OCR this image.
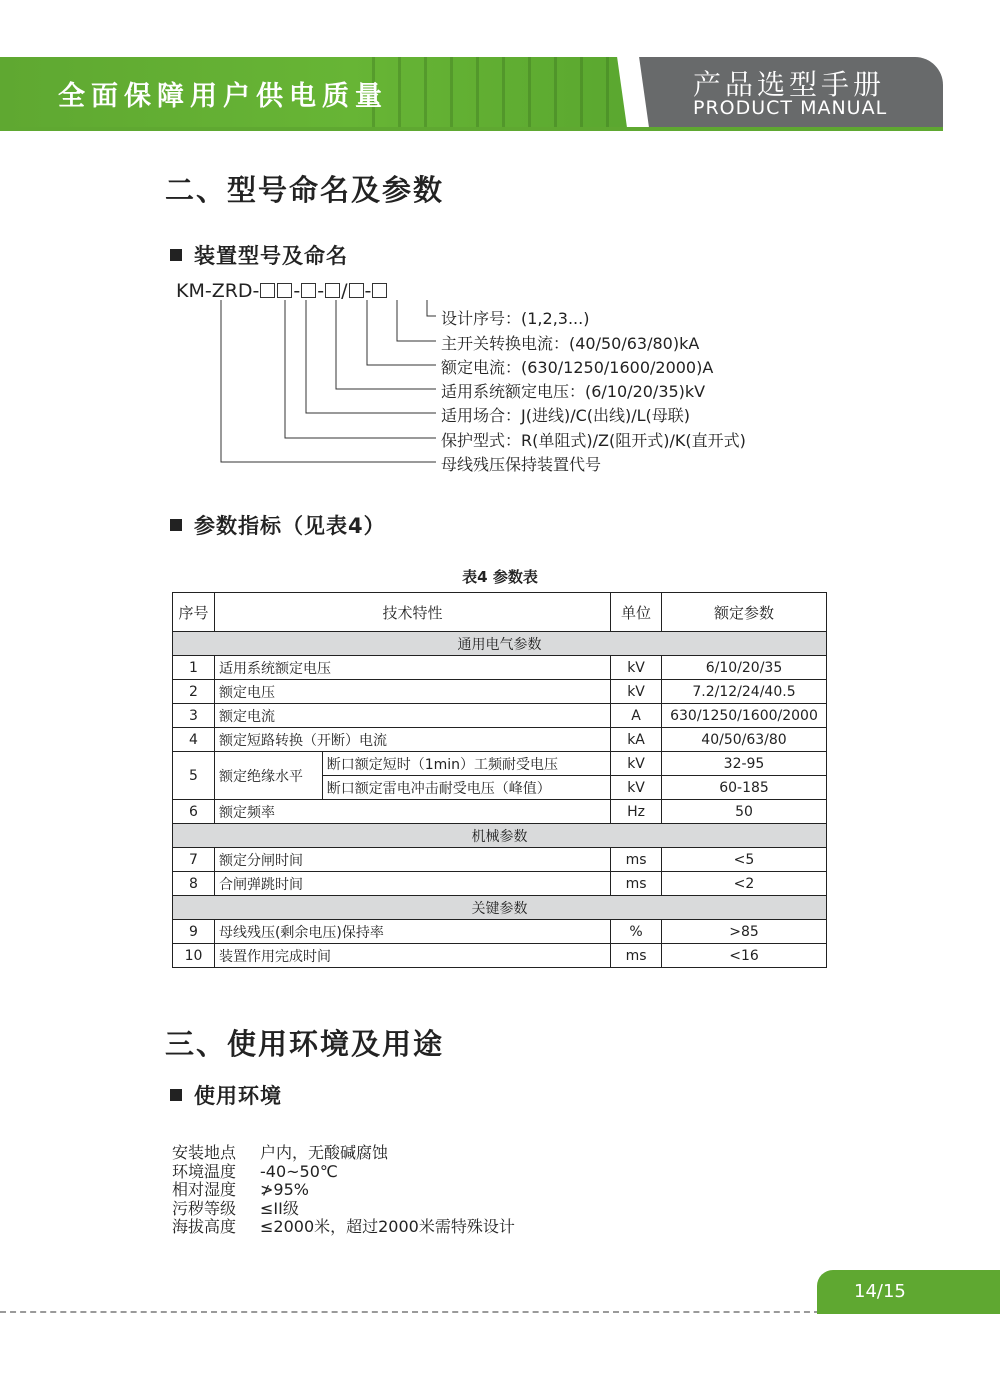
全面保障用户供电质量	产品选型手册
PRODUCT MANUAL
二、型号命名及参数
装置型号及命名
KM-ZRD- - - / -
设计序号：(1,2,3...)
主开关转换电流：(40/50/63/80)kA
额定电流：(630/1250/1600/2000)A
适用系统额定电压：(6/10/20/35)kV
适用场合：J(进线)/C(出线)/L(母联)
保护型式：R(单阻式)/Z(阻开式)/K(直开式)
母线残压保持装置代号
参数指标（见表4）
表4 参数表
序号	技术特性		单位	额定参数
通用电气参数				
1	适用系统额定电压		kV	6/10/20/35
2	额定电压		kV	7.2/12/24/40.5
3	额定电流		A	630/1250/1600/2000
4	额定短路转换（开断）电流		kA	40/50/63/80
5	额定绝缘水平	断口额定短时（1min）工频耐受电压	kV	32-95
		断口额定雷电冲击耐受电压（峰值）	kV	60-185
6	额定频率		Hz	50
机械参数				
7	额定分闸时间		ms	<5
8	合闸弹跳时间		ms	<2
关键参数				
9	母线残压(剩余电压)保持率		%	>85
10	装置作用完成时间		ms	<16
三、使用环境及用途
使用环境
安装地点 户内，无酸碱腐蚀
环境温度 -40~50℃
相对湿度 ≯95%
污秽等级 ≤II级
海拔高度 ≤2000米，超过2000米需特殊设计
14/15
